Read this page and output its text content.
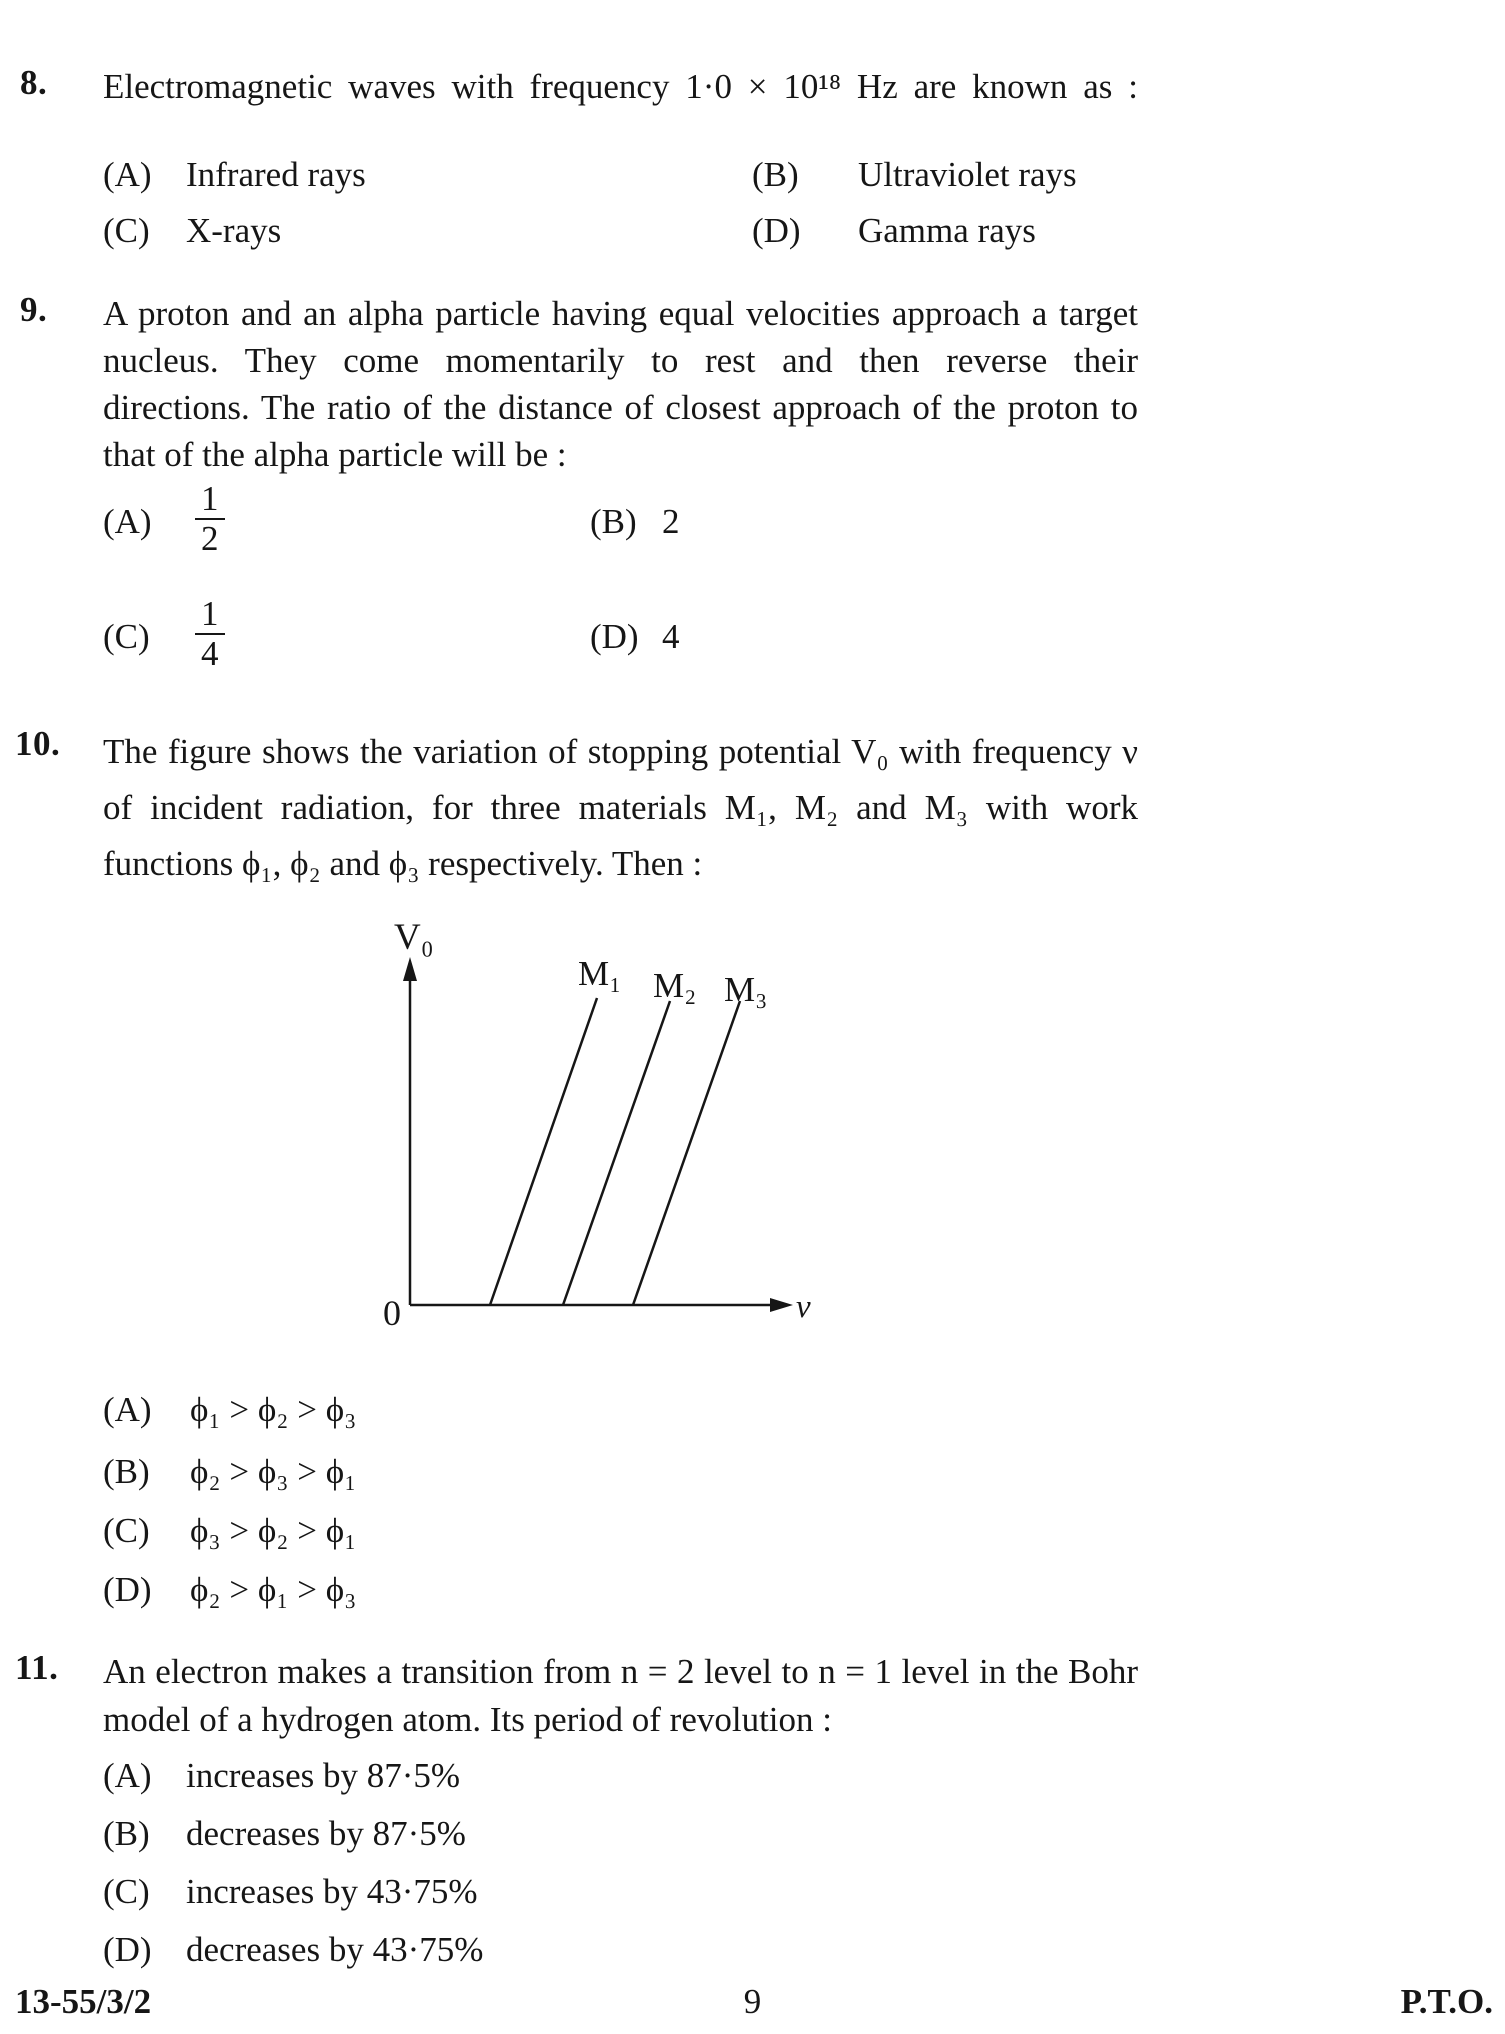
8. Electromagnetic waves with frequency 1·0 × 10¹⁸ Hz are known as :
(A) Infrared rays	(B) Ultraviolet rays
(C) X-rays	(D) Gamma rays
9. A proton and an alpha particle having equal velocities approach a target
nucleus. They come momentarily to rest and then reverse their
directions. The ratio of the distance of closest approach of the proton to
that of the alpha particle will be :
$(A) \frac{1}{2}$	(B) 2
$(C) \frac{1}{4}$	(D) 4
10. The figure shows the variation of stopping potential V₀ with frequency ν
of incident radiation, for three materials M₁, M₂ and M₃ with work
functions ϕ₁, ϕ₂ and ϕ₃ respectively. Then :
V₀
0	ν
M₁ M₂ M₃
(A) ϕ₁ > ϕ₂ > ϕ₃
(B) ϕ₂ > ϕ₃ > ϕ₁
(C) ϕ₃ > ϕ₂ > ϕ₁
(D) ϕ₂ > ϕ₁ > ϕ₃
11. An electron makes a transition from n = 2 level to n = 1 level in the Bohr
model of a hydrogen atom. Its period of revolution :
(A) increases by 87·5%
(B) decreases by 87·5%
(C) increases by 43·75%
(D) decreases by 43·75%
13-55/3/2	9	P.T.O.
